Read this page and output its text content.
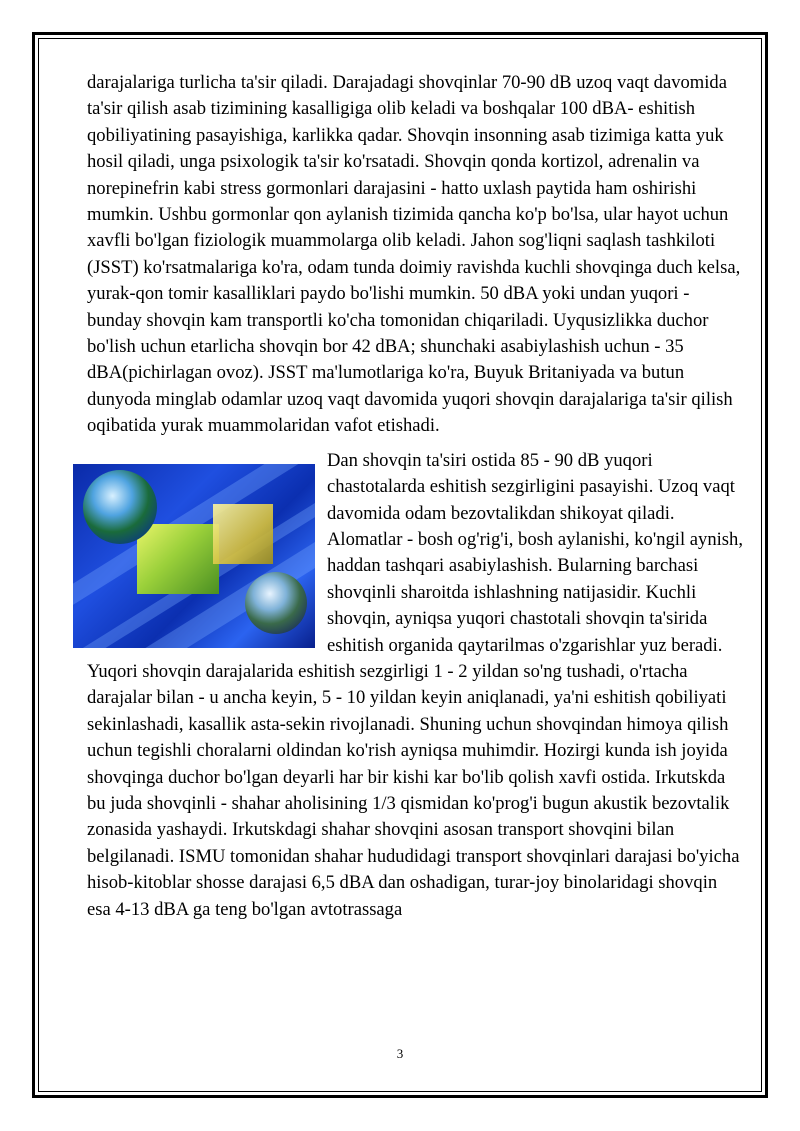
darajalariga turlicha ta'sir qiladi. Darajadagi shovqinlar 70-90 dB uzoq vaqt davomida ta'sir qilish asab tizimining kasalligiga olib keladi va boshqalar 100 dBA- eshitish qobiliyatining pasayishiga, karlikka qadar. Shovqin insonning asab tizimiga katta yuk hosil qiladi, unga psixologik ta'sir ko'rsatadi. Shovqin qonda kortizol, adrenalin va norepinefrin kabi stress gormonlari darajasini - hatto uxlash paytida ham oshirishi mumkin. Ushbu gormonlar qon aylanish tizimida qancha ko'p bo'lsa, ular hayot uchun xavfli bo'lgan fiziologik muammolarga olib keladi. Jahon sog'liqni saqlash tashkiloti (JSST) ko'rsatmalariga ko'ra, odam tunda doimiy ravishda kuchli shovqinga duch kelsa, yurak-qon tomir kasalliklari paydo bo'lishi mumkin. 50 dBA yoki undan yuqori - bunday shovqin kam transportli ko'cha tomonidan chiqariladi. Uyqusizlikka duchor bo'lish uchun etarlicha shovqin bor 42 dBA; shunchaki asabiylashish uchun - 35 dBA(pichirlagan ovoz). JSST ma'lumotlariga ko'ra, Buyuk Britaniyada va butun dunyoda minglab odamlar uzoq vaqt davomida yuqori shovqin darajalariga ta'sir qilish oqibatida yurak muammolaridan vafot etishadi.

Dan shovqin ta'siri ostida 85 - 90 dB yuqori chastotalarda eshitish sezgirligini pasayishi. Uzoq vaqt davomida odam bezovtalikdan shikoyat qiladi. Alomatlar - bosh og'rig'i, bosh aylanishi, ko'ngil aynish, haddan tashqari asabiylashish. Bularning barchasi shovqinli sharoitda ishlashning natijasidir. Kuchli shovqin, ayniqsa yuqori chastotali shovqin ta'sirida eshitish organida qaytarilmas o'zgarishlar yuz beradi. Yuqori shovqin darajalarida eshitish sezgirligi 1 - 2 yildan so'ng tushadi, o'rtacha darajalar bilan - u ancha keyin, 5 - 10 yildan keyin aniqlanadi, ya'ni eshitish qobiliyati sekinlashadi, kasallik asta-sekin rivojlanadi. Shuning uchun shovqindan himoya qilish uchun tegishli choralarni oldindan ko'rish ayniqsa muhimdir. Hozirgi kunda ish joyida shovqinga duchor bo'lgan deyarli har bir kishi kar bo'lib qolish xavfi ostida. Irkutskda bu juda shovqinli - shahar aholisining 1/3 qismidan ko'prog'i bugun akustik bezovtalik zonasida yashaydi. Irkutskdagi shahar shovqini asosan transport shovqini bilan belgilanadi. ISMU tomonidan shahar hududidagi transport shovqinlari darajasi bo'yicha hisob-kitoblar shosse darajasi 6,5 dBA dan oshadigan, turar-joy binolaridagi shovqin esa 4-13 dBA ga teng bo'lgan avtotrassaga

3
